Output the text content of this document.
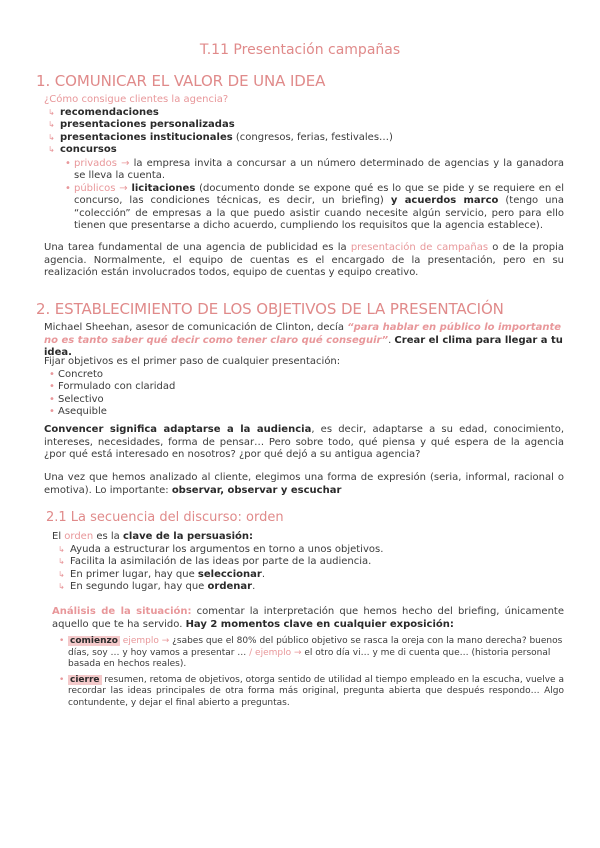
T.11 Presentación campañas
1. COMUNICAR EL VALOR DE UNA IDEA
¿Cómo consigue clientes la agencia?
↳ recomendaciones
↳ presentaciones personalizadas
↳ presentaciones institucionales (congresos, ferias, festivales…)
↳ concursos
• privados → la empresa invita a concursar a un número determinado de agencias y la ganadora se lleva la cuenta.
• públicos → licitaciones (documento donde se expone qué es lo que se pide y se requiere en el concurso, las condiciones técnicas, es decir, un briefing) y acuerdos marco (tengo una “colección” de empresas a la que puedo asistir cuando necesite algún servicio, pero para ello tienen que presentarse a dicho acuerdo, cumpliendo los requisitos que la agencia establece).
Una tarea fundamental de una agencia de publicidad es la presentación de campañas o de la propia agencia. Normalmente, el equipo de cuentas es el encargado de la presentación, pero en su realización están involucrados todos, equipo de cuentas y equipo creativo.
2. ESTABLECIMIENTO DE LOS OBJETIVOS DE LA PRESENTACIÓN
Michael Sheehan, asesor de comunicación de Clinton, decía “para hablar en público lo importante no es tanto saber qué decir como tener claro qué conseguir”. Crear el clima para llegar a tu idea.
Fijar objetivos es el primer paso de cualquier presentación:
• Concreto
• Formulado con claridad
• Selectivo
• Asequible
Convencer significa adaptarse a la audiencia, es decir, adaptarse a su edad, conocimiento, intereses, necesidades, forma de pensar… Pero sobre todo, qué piensa y qué espera de la agencia ¿por qué está interesado en nosotros? ¿por qué dejó a su antigua agencia?
Una vez que hemos analizado al cliente, elegimos una forma de expresión (seria, informal, racional o emotiva). Lo importante: observar, observar y escuchar
2.1 La secuencia del discurso: orden
El orden es la clave de la persuasión:
↳ Ayuda a estructurar los argumentos en torno a unos objetivos.
↳ Facilita la asimilación de las ideas por parte de la audiencia.
↳ En primer lugar, hay que seleccionar.
↳ En segundo lugar, hay que ordenar.
Análisis de la situación: comentar la interpretación que hemos hecho del briefing, únicamente aquello que te ha servido. Hay 2 momentos clave en cualquier exposición:
• comienzo ejemplo → ¿sabes que el 80% del público objetivo se rasca la oreja con la mano derecha? buenos días, soy … y hoy vamos a presentar … / ejemplo → el otro día vi… y me di cuenta que… (historia personal basada en hechos reales).
• cierre resumen, retoma de objetivos, otorga sentido de utilidad al tiempo empleado en la escucha, vuelve a recordar las ideas principales de otra forma más original, pregunta abierta que después respondo… Algo contundente, y dejar el final abierto a preguntas.
